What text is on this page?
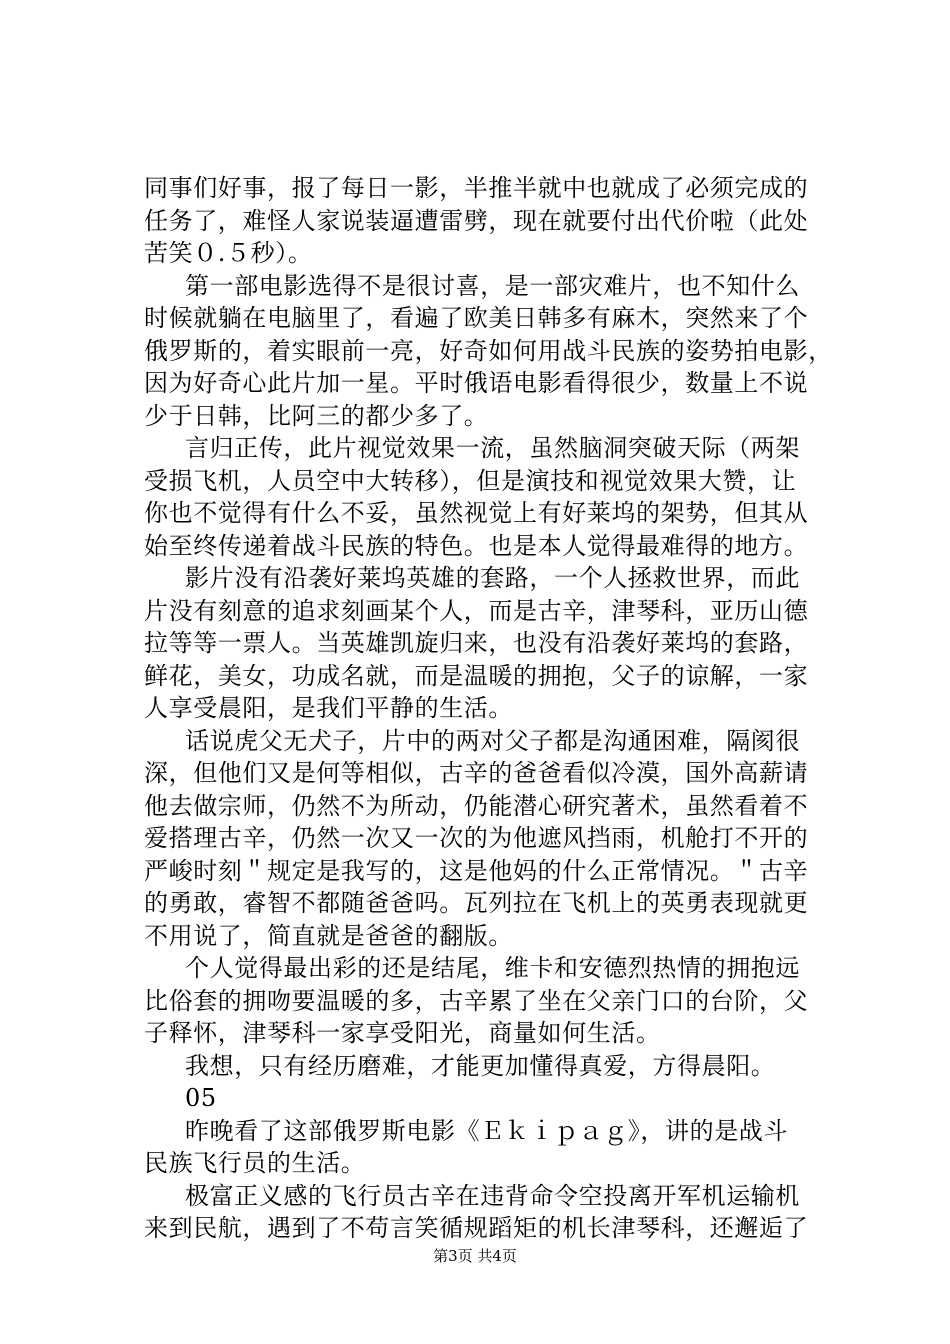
同事们好事，报了每日一影，半推半就中也就成了必须完成的
任务了，难怪人家说装逼遭雷劈，现在就要付出代价啦（此处
苦笑０.５秒）。
第一部电影选得不是很讨喜，是一部灾难片，也不知什么
时候就躺在电脑里了，看遍了欧美日韩多有麻木，突然来了个
俄罗斯的，着实眼前一亮，好奇如何用战斗民族的姿势拍电影，
因为好奇心此片加一星。平时俄语电影看得很少，数量上不说
少于日韩，比阿三的都少多了。
言归正传，此片视觉效果一流，虽然脑洞突破天际（两架
受损飞机，人员空中大转移），但是演技和视觉效果大赞，让
你也不觉得有什么不妥，虽然视觉上有好莱坞的架势，但其从
始至终传递着战斗民族的特色。也是本人觉得最难得的地方。
影片没有沿袭好莱坞英雄的套路，一个人拯救世界，而此
片没有刻意的追求刻画某个人，而是古辛，津琴科，亚历山德
拉等等一票人。当英雄凯旋归来，也没有沿袭好莱坞的套路，
鲜花，美女，功成名就，而是温暖的拥抱，父子的谅解，一家
人享受晨阳，是我们平静的生活。
话说虎父无犬子，片中的两对父子都是沟通困难，隔阂很
深，但他们又是何等相似，古辛的爸爸看似冷漠，国外高薪请
他去做宗师，仍然不为所动，仍能潜心研究著术，虽然看着不
爱搭理古辛，仍然一次又一次的为他遮风挡雨，机舱打不开的
严峻时刻＂规定是我写的，这是他妈的什么正常情况。＂古辛
的勇敢，睿智不都随爸爸吗。瓦列拉在飞机上的英勇表现就更
不用说了，简直就是爸爸的翻版。
个人觉得最出彩的还是结尾，维卡和安德烈热情的拥抱远
比俗套的拥吻要温暖的多，古辛累了坐在父亲门口的台阶，父
子释怀，津琴科一家享受阳光，商量如何生活。
我想，只有经历磨难，才能更加懂得真爱，方得晨阳。
05
昨晚看了这部俄罗斯电影《Ｅｋｉｐａｇ》，讲的是战斗
民族飞行员的生活。
极富正义感的飞行员古辛在违背命令空投离开军机运输机
来到民航，遇到了不苟言笑循规蹈矩的机长津琴科，还邂逅了
第3页 共4页
